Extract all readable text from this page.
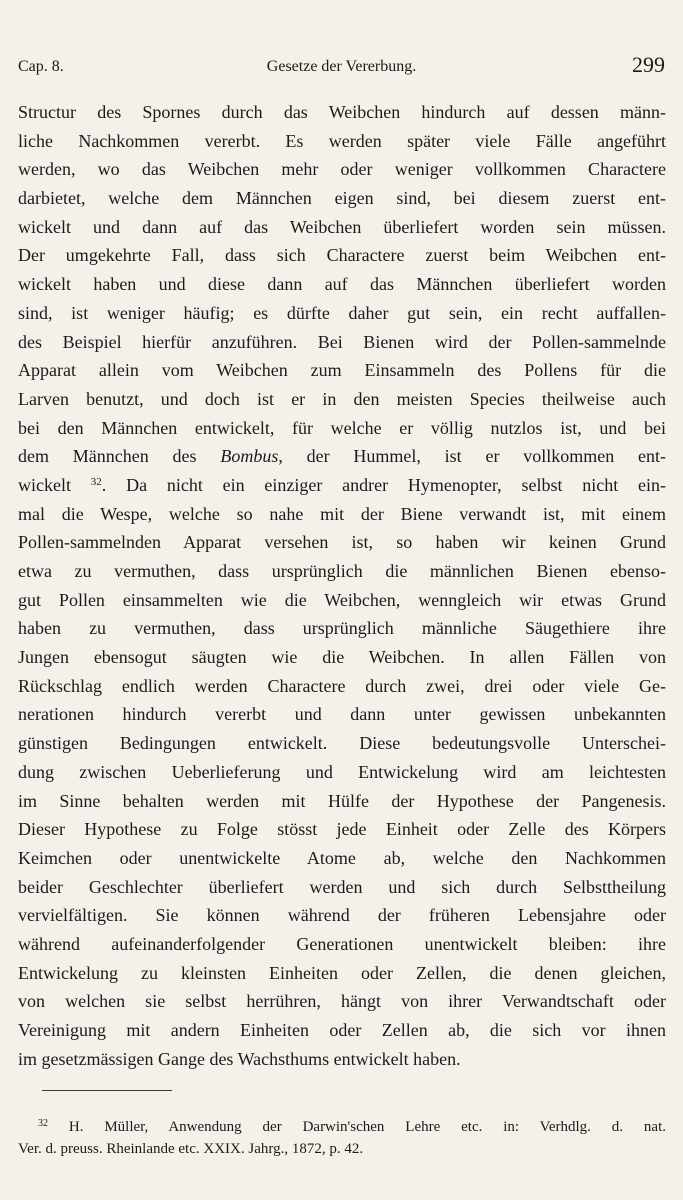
Cap. 8.	Gesetze der Vererbung.	299
Structur des Spornes durch das Weibchen hindurch auf dessen männ-
liche Nachkommen vererbt. Es werden später viele Fälle angeführt
werden, wo das Weibchen mehr oder weniger vollkommen Charactere
darbietet, welche dem Männchen eigen sind, bei diesem zuerst ent-
wickelt und dann auf das Weibchen überliefert worden sein müssen.
Der umgekehrte Fall, dass sich Charactere zuerst beim Weibchen ent-
wickelt haben und diese dann auf das Männchen überliefert worden
sind, ist weniger häufig; es dürfte daher gut sein, ein recht auffallen-
des Beispiel hierfür anzuführen. Bei Bienen wird der Pollen-sammelnde
Apparat allein vom Weibchen zum Einsammeln des Pollens für die
Larven benutzt, und doch ist er in den meisten Species theilweise auch
bei den Männchen entwickelt, für welche er völlig nutzlos ist, und bei
dem Männchen des Bombus, der Hummel, ist er vollkommen ent-
wickelt $^{32}$. Da nicht ein einziger andrer Hymenopter, selbst nicht ein-
mal die Wespe, welche so nahe mit der Biene verwandt ist, mit einem
Pollen-sammelnden Apparat versehen ist, so haben wir keinen Grund
etwa zu vermuthen, dass ursprünglich die männlichen Bienen ebenso-
gut Pollen einsammelten wie die Weibchen, wenngleich wir etwas Grund
haben zu vermuthen, dass ursprünglich männliche Säugethiere ihre
Jungen ebensogut säugten wie die Weibchen. In allen Fällen von
Rückschlag endlich werden Charactere durch zwei, drei oder viele Ge-
nerationen hindurch vererbt und dann unter gewissen unbekannten
günstigen Bedingungen entwickelt. Diese bedeutungsvolle Unterschei-
dung zwischen Ueberlieferung und Entwickelung wird am leichtesten
im Sinne behalten werden mit Hülfe der Hypothese der Pangenesis.
Dieser Hypothese zu Folge stösst jede Einheit oder Zelle des Körpers
Keimchen oder unentwickelte Atome ab, welche den Nachkommen
beider Geschlechter überliefert werden und sich durch Selbsttheilung
vervielfältigen. Sie können während der früheren Lebensjahre oder
während aufeinanderfolgender Generationen unentwickelt bleiben: ihre
Entwickelung zu kleinsten Einheiten oder Zellen, die denen gleichen,
von welchen sie selbst herrühren, hängt von ihrer Verwandtschaft oder
Vereinigung mit andern Einheiten oder Zellen ab, die sich vor ihnen
im gesetzmässigen Gange des Wachsthums entwickelt haben.
$^{32}$ H. Müller, Anwendung der Darwin'schen Lehre etc. in: Verhdlg. d. nat.
Ver. d. preuss. Rheinlande etc. XXIX. Jahrg., 1872, p. 42.
